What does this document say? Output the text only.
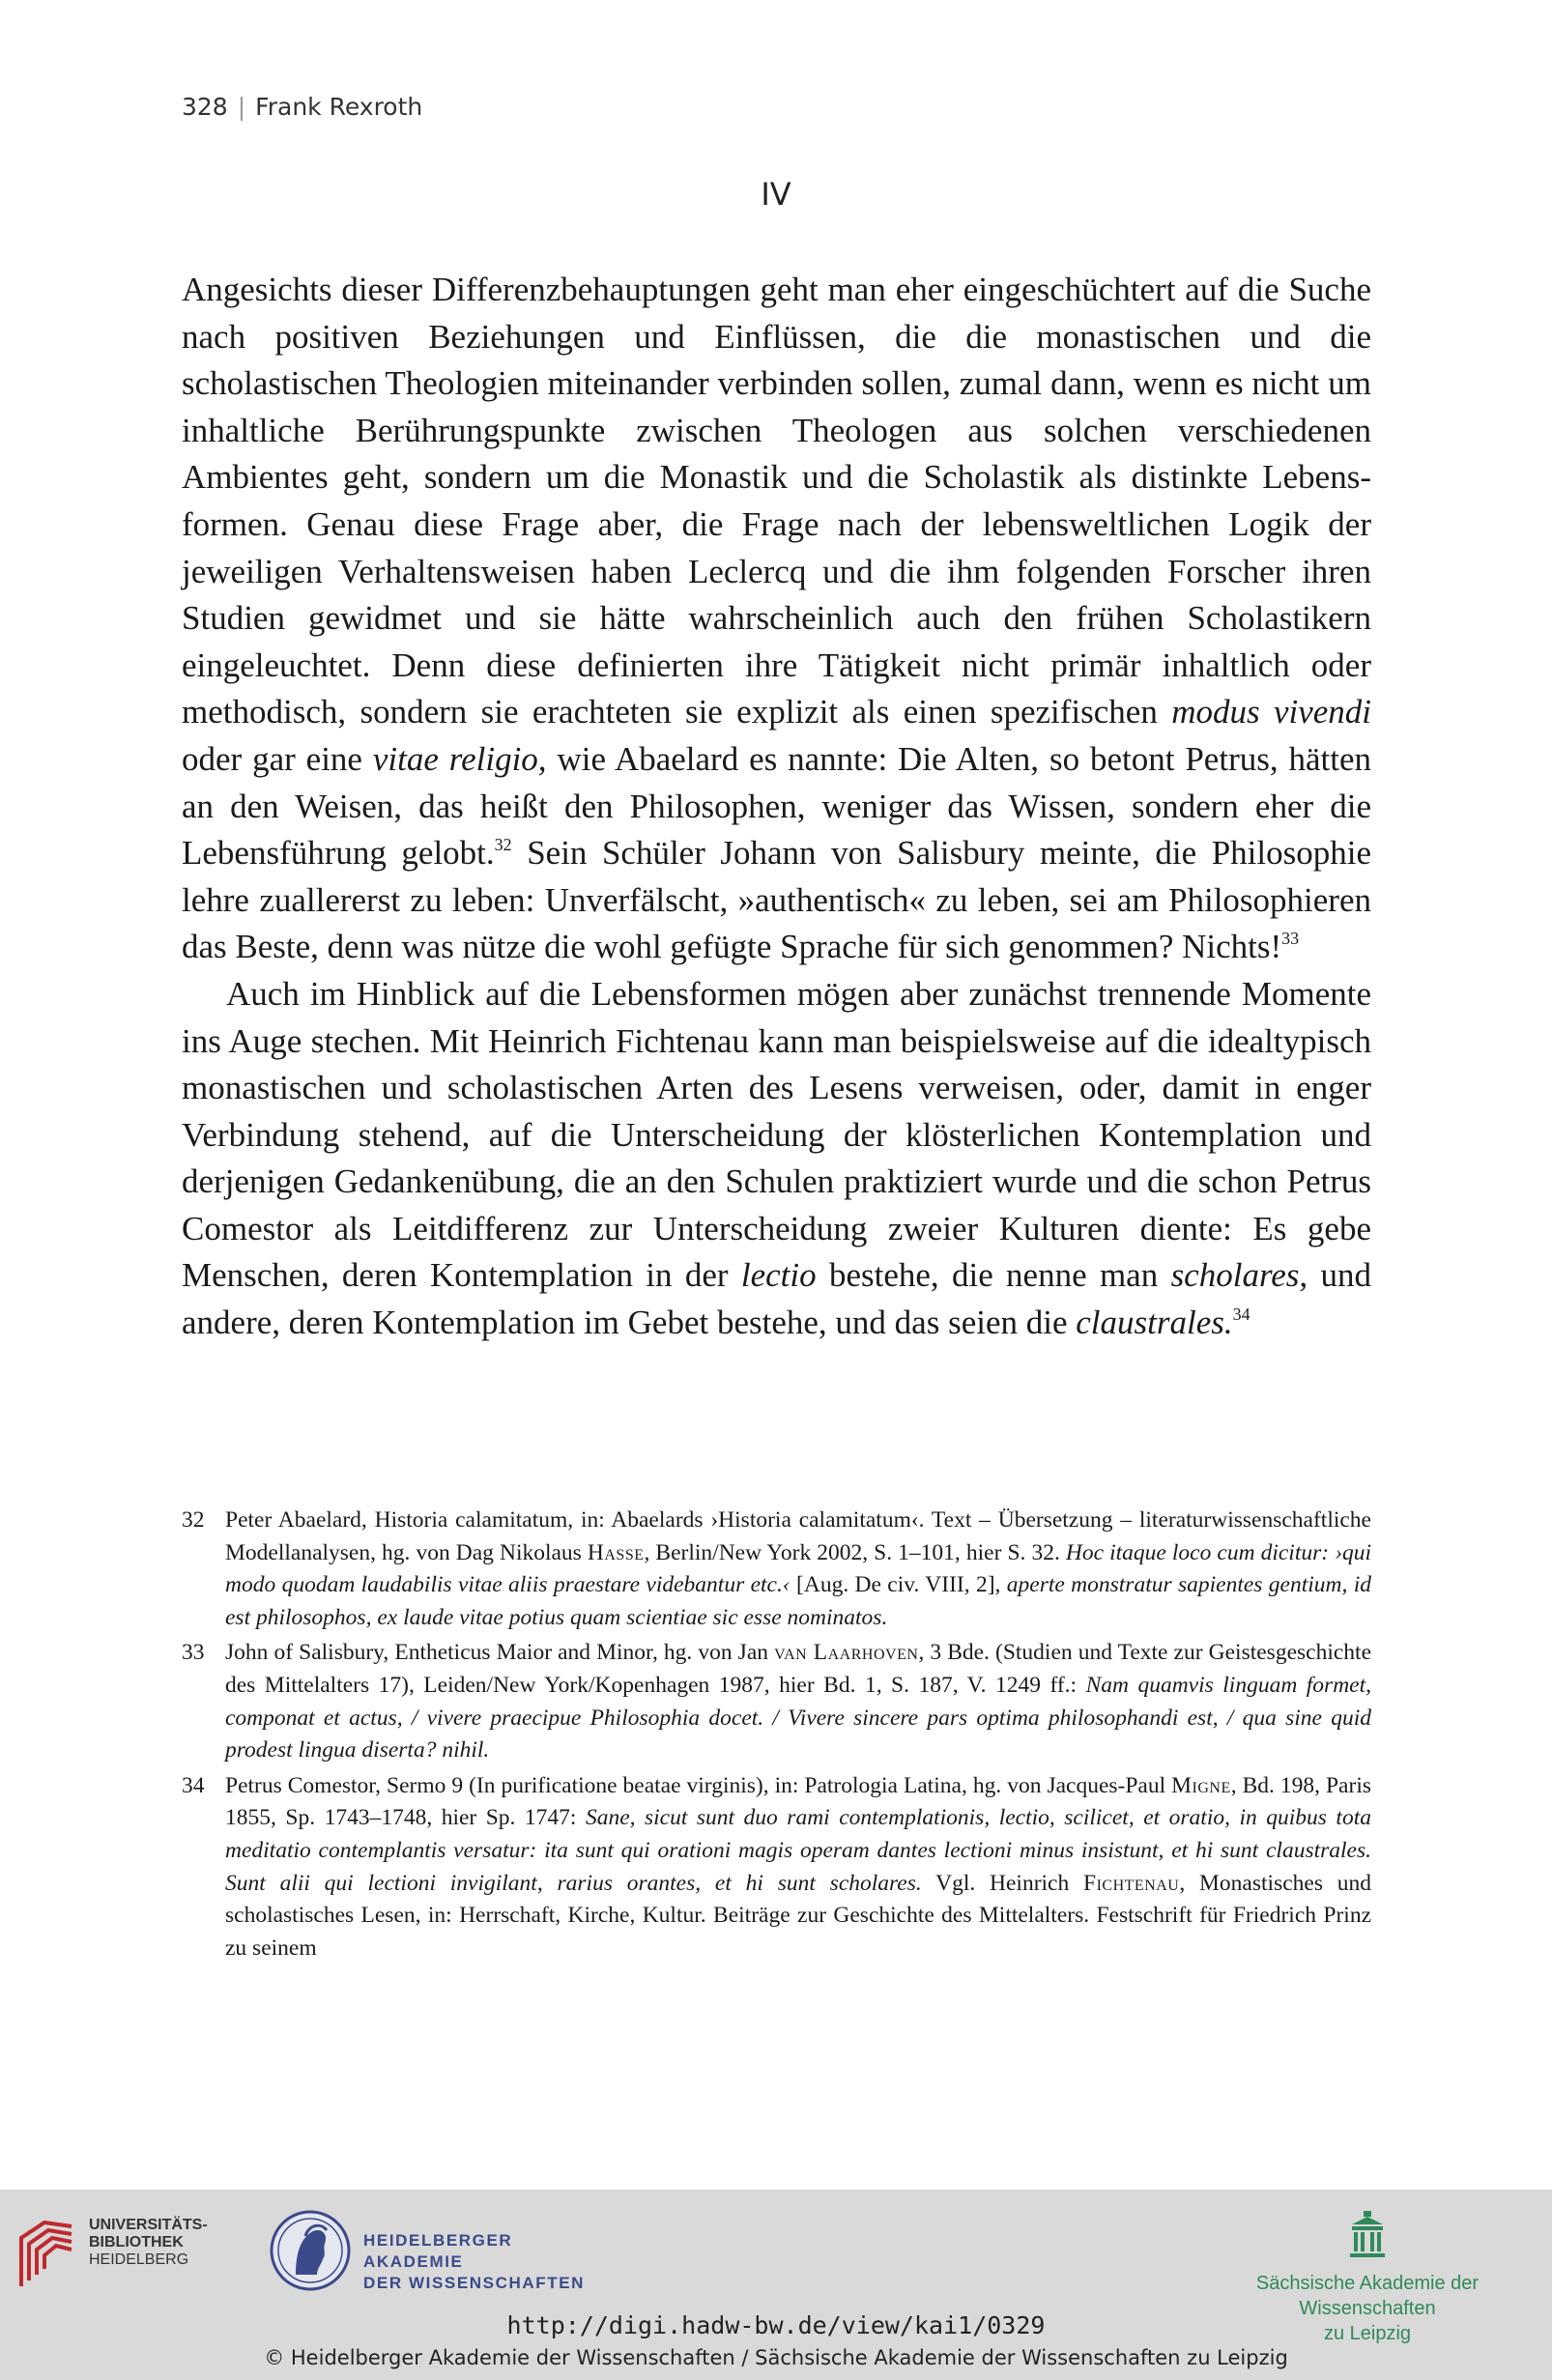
328 | Frank Rexroth
IV

Angesichts dieser Differenzbehauptungen geht man eher eingeschüchtert auf die Suche nach positiven Beziehungen und Einflüssen, die die monastischen und die scholastischen Theologien miteinander verbinden sollen, zumal dann, wenn es nicht um inhaltliche Berührungspunkte zwischen Theologen aus solchen verschiedenen Ambientes geht, sondern um die Monastik und die Scholastik als distinkte Lebensformen. Genau diese Frage aber, die Frage nach der lebensweltlichen Logik der jeweiligen Verhaltensweisen haben Leclercq und die ihm folgenden Forscher ihren Studien gewidmet und sie hätte wahrscheinlich auch den frühen Scholastikern eingeleuchtet. Denn diese definierten ihre Tätigkeit nicht primär inhaltlich oder methodisch, sondern sie erachteten sie explizit als einen spezifischen modus vivendi oder gar eine vitae religio, wie Abaelard es nannte: Die Alten, so betont Petrus, hätten an den Weisen, das heißt den Philosophen, weniger das Wissen, sondern eher die Lebensführung gelobt.$^{32}$ Sein Schüler Johann von Salisbury meinte, die Philosophie lehre zuallererst zu leben: Unverfälscht, »authentisch« zu leben, sei am Philosophieren das Beste, denn was nütze die wohl gefügte Sprache für sich genommen? Nichts!$^{33}$

Auch im Hinblick auf die Lebensformen mögen aber zunächst trennende Momente ins Auge stechen. Mit Heinrich Fichtenau kann man beispielsweise auf die idealtypisch monastischen und scholastischen Arten des Lesens verweisen, oder, damit in enger Verbindung stehend, auf die Unterscheidung der klösterlichen Kontemplation und derjenigen Gedankenübung, die an den Schulen praktiziert wurde und die schon Petrus Comestor als Leitdifferenz zur Unterscheidung zweier Kulturen diente: Es gebe Menschen, deren Kontemplation in der lectio bestehe, die nenne man scholares, und andere, deren Kontemplation im Gebet bestehe, und das seien die claustrales.$^{34}$

32 Peter Abaelard, Historia calamitatum, in: Abaelards ›Historia calamitatum‹. Text – Übersetzung – literaturwissenschaftliche Modellanalysen, hg. von Dag Nikolaus Hasse, Berlin/New York 2002, S. 1–101, hier S. 32. Hoc itaque loco cum dicitur: ›qui modo quodam laudabilis vitae aliis praestare videbantur etc.‹ [Aug. De civ. VIII, 2], aperte monstratur sapientes gentium, id est philosophos, ex laude vitae potius quam scientiae sic esse nominatos.
33 John of Salisbury, Entheticus Maior and Minor, hg. von Jan van Laarhoven, 3 Bde. (Studien und Texte zur Geistesgeschichte des Mittelalters 17), Leiden/New York/Kopenhagen 1987, hier Bd. 1, S. 187, V. 1249 ff.: Nam quamvis linguam formet, componat et actus, / vivere praecipue Philosophia docet. / Vivere sincere pars optima philosophandi est, / qua sine quid prodest lingua diserta? nihil.
34 Petrus Comestor, Sermo 9 (In purificatione beatae virginis), in: Patrologia Latina, hg. von Jacques-Paul Migne, Bd. 198, Paris 1855, Sp. 1743–1748, hier Sp. 1747: Sane, sicut sunt duo rami contemplationis, lectio, scilicet, et oratio, in quibus tota meditatio contemplantis versatur: ita sunt qui orationi magis operam dantes lectioni minus insistunt, et hi sunt claustrales. Sunt alii qui lectioni invigilant, rarius orantes, et hi sunt scholares. Vgl. Heinrich Fichtenau, Monastisches und scholastisches Lesen, in: Herrschaft, Kirche, Kultur. Beiträge zur Geschichte des Mittelalters. Festschrift für Friedrich Prinz zu seinem
UNIVERSITÄTS-
BIBLIOTHEK
HEIDELBERG
HEIDELBERGER AKADEMIE
DER WISSENSCHAFTEN	Sächsische Akademie der Wissenschaften
zu Leipzig
http://digi.hadw-bw.de/view/kai1/0329
© Heidelberger Akademie der Wissenschaften / Sächsische Akademie der Wissenschaften zu Leipzig
